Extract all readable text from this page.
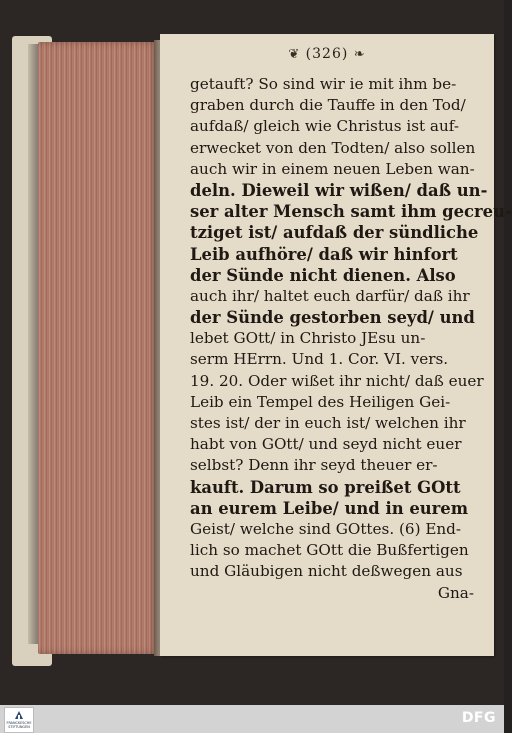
❦ (326) ❧
getauft? So sind wir ie mit ihm be-
graben durch die Tauffe in den Tod/
aufdaß/ gleich wie Christus ist auf-
erwecket von den Todten/ also sollen
auch wir in einem neuen Leben wan-
deln. Dieweil wir wißen/ daß un-
ser alter Mensch samt ihm gecreu-
tziget ist/ aufdaß der sündliche
Leib aufhöre/ daß wir hinfort
der Sünde nicht dienen. Also
auch ihr/ haltet euch darfür/ daß ihr
der Sünde gestorben seyd/ und
lebet GOtt/ in Christo JEsu un-
serm HErrn. Und 1. Cor. VI. vers.
19. 20. Oder wißet ihr nicht/ daß euer
Leib ein Tempel des Heiligen Gei-
stes ist/ der in euch ist/ welchen ihr
habt von GOtt/ und seyd nicht euer
selbst? Denn ihr seyd theuer er-
kauft. Darum so preißet GOtt
an eurem Leibe/ und in eurem
Geist/ welche sind GOttes. (6) End-
lich so machet GOtt die Bußfertigen
und Gläubigen nicht deßwegen aus
Gna-
FRANCKESCHE STIFTUNGEN
DFG
